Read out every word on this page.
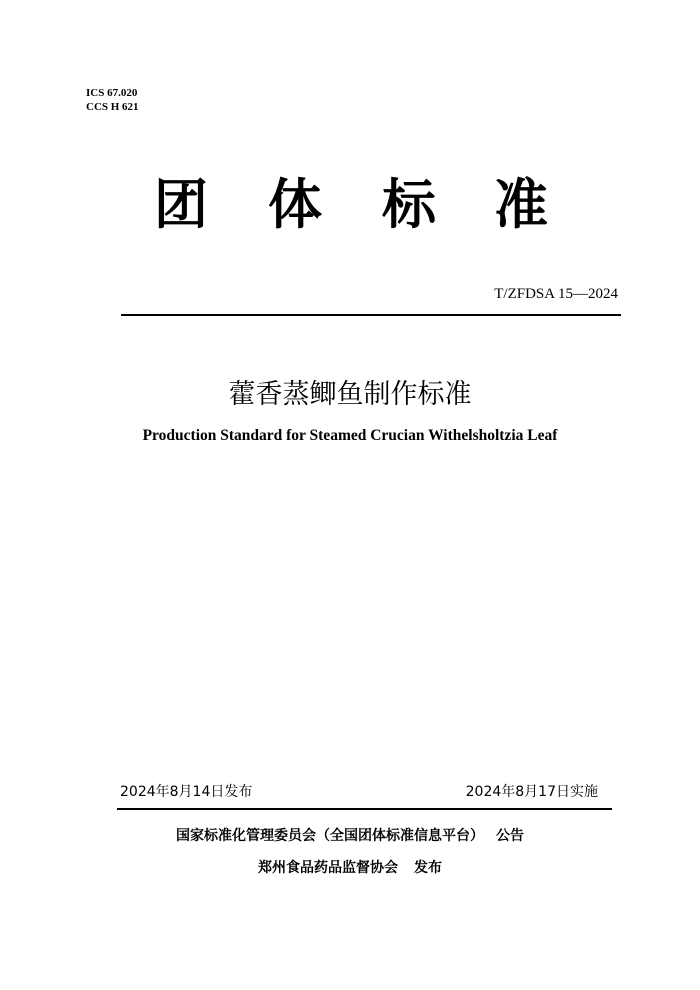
ICS 67.020
CCS H 621
团 体 标 准
T/ZFDSA 15—2024
藿香蒸鲫鱼制作标准
Production Standard for Steamed Crucian Withelsholtzia Leaf
2024年8月14日发布	2024年8月17日实施
国家标准化管理委员会（全国团体标准信息平台） 公告
郑州食品药品监督协会 发布
